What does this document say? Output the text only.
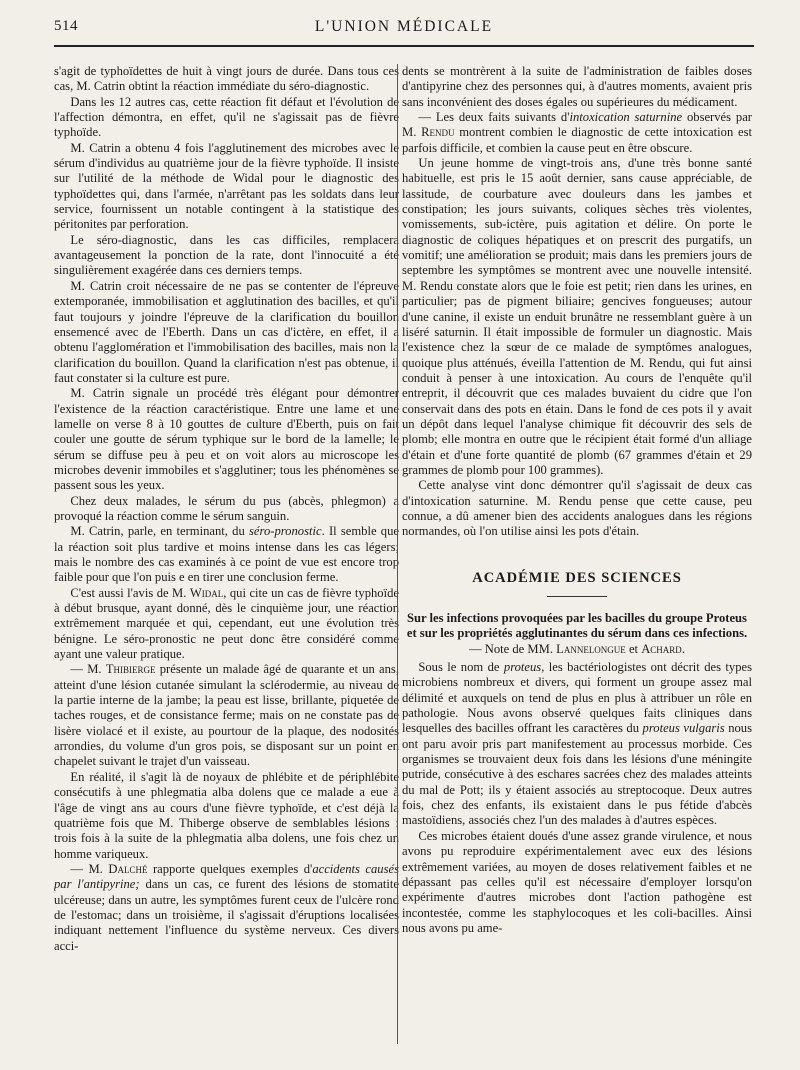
514	L'UNION MÉDICALE

s'agit de typhoïdettes de huit à vingt jours de durée. Dans tous ces cas, M. Catrin obtint la réaction immédiate du séro-diagnostic.

Dans les 12 autres cas, cette réaction fit défaut et l'évolution de l'affection démontra, en effet, qu'il ne s'agissait pas de fièvre typhoïde.

M. Catrin a obtenu 4 fois l'agglutinement des microbes avec le sérum d'individus au quatrième jour de la fièvre typhoïde. Il insiste sur l'utilité de la méthode de Widal pour le diagnostic des typhoïdettes qui, dans l'armée, n'arrêtant pas les soldats dans leur service, fournissent un notable contingent à la statistique des péritonites par perforation.

Le séro-diagnostic, dans les cas difficiles, remplacera avantageusement la ponction de la rate, dont l'innocuité a été singulièrement exagérée dans ces derniers temps.

M. Catrin croit nécessaire de ne pas se contenter de l'épreuve extemporanée, immobilisation et agglutination des bacilles, et qu'il faut toujours y joindre l'épreuve de la clarification du bouillon ensemencé avec de l'Eberth. Dans un cas d'ictère, en effet, il a obtenu l'agglomération et l'immobilisation des bacilles, mais non la clarification du bouillon. Quand la clarification n'est pas obtenue, il faut constater si la culture est pure.

M. Catrin signale un procédé très élégant pour démontrer l'existence de la réaction caractéristique. Entre une lame et une lamelle on verse 8 à 10 gouttes de culture d'Eberth, puis on fait couler une goutte de sérum typhique sur le bord de la lamelle; le sérum se diffuse peu à peu et on voit alors au microscope les microbes devenir immobiles et s'agglutiner; tous les phénomènes se passent sous les yeux.

Chez deux malades, le sérum du pus (abcès, phlegmon) a provoqué la réaction comme le sérum sanguin.

M. Catrin, parle, en terminant, du séro-pronostic. Il semble que la réaction soit plus tardive et moins intense dans les cas légers; mais le nombre des cas examinés à ce point de vue est encore trop faible pour que l'on puis e en tirer une conclusion ferme.

C'est aussi l'avis de M. Widal, qui cite un cas de fièvre typhoïde à début brusque, ayant donné, dès le cinquième jour, une réaction extrêmement marquée et qui, cependant, eut une évolution très bénigne. Le séro-pronostic ne peut donc être considéré comme ayant une valeur pratique.

— M. Thibierge présente un malade âgé de quarante et un ans, atteint d'une lésion cutanée simulant la sclérodermie, au niveau de la partie interne de la jambe; la peau est lisse, brillante, piquetée de taches rouges, et de consistance ferme; mais on ne constate pas de lisère violacé et il existe, au pourtour de la plaque, des nodosités arrondies, du volume d'un gros pois, se disposant sur un point en chapelet suivant le trajet d'un vaisseau.

En réalité, il s'agit là de noyaux de phlébite et de périphlébite consécutifs à une phlegmatia alba dolens que ce malade a eue à l'âge de vingt ans au cours d'une fièvre typhoïde, et c'est déjà la quatrième fois que M. Thiberge observe de semblables lésions : trois fois à la suite de la phlegmatia alba dolens, une fois chez un homme variqueux.

— M. Dalché rapporte quelques exemples d'accidents causés par l'antipyrine; dans un cas, ce furent des lésions de stomatite ulcéreuse; dans un autre, les symptômes furent ceux de l'ulcère rond de l'estomac; dans un troisième, il s'agissait d'éruptions localisées indiquant nettement l'influence du système nerveux. Ces divers acci-

dents se montrèrent à la suite de l'administration de faibles doses d'antipyrine chez des personnes qui, à d'autres moments, avaient pris sans inconvénient des doses égales ou supérieures du médicament.

— Les deux faits suivants d'intoxication saturnine observés par M. Rendu montrent combien le diagnostic de cette intoxication est parfois difficile, et combien la cause peut en être obscure.

Un jeune homme de vingt-trois ans, d'une très bonne santé habituelle, est pris le 15 août dernier, sans cause appréciable, de lassitude, de courbature avec douleurs dans les jambes et constipation; les jours suivants, coliques sèches très violentes, vomissements, sub-ictère, puis agitation et délire. On porte le diagnostic de coliques hépatiques et on prescrit des purgatifs, un vomitif; une amélioration se produit; mais dans les premiers jours de septembre les symptômes se montrent avec une nouvelle intensité. M. Rendu constate alors que le foie est petit; rien dans les urines, en particulier; pas de pigment biliaire; gencives fongueuses; autour d'une canine, il existe un enduit brunâtre ne ressemblant guère à un liséré saturnin. Il était impossible de formuler un diagnostic. Mais l'existence chez la sœur de ce malade de symptômes analogues, quoique plus atténués, éveilla l'attention de M. Rendu, qui fut ainsi conduit à penser à une intoxication. Au cours de l'enquête qu'il entreprit, il découvrit que ces malades buvaient du cidre que l'on conservait dans des pots en étain. Dans le fond de ces pots il y avait un dépôt dans lequel l'analyse chimique fit découvrir des sels de plomb; elle montra en outre que le récipient était formé d'un alliage d'étain et d'une forte quantité de plomb (67 grammes d'étain et 29 grammes de plomb pour 100 grammes).

Cette analyse vint donc démontrer qu'il s'agissait de deux cas d'intoxication saturnine. M. Rendu pense que cette cause, peu connue, a dû amener bien des accidents analogues dans les régions normandes, où l'on utilise ainsi les pots d'étain.

ACADÉMIE DES SCIENCES

Sur les infections provoquées par les bacilles du groupe Proteus et sur les propriétés agglutinantes du sérum dans ces infections. — Note de MM. Lannelongue et Achard.

Sous le nom de proteus, les bactériologistes ont décrit des types microbiens nombreux et divers, qui forment un groupe assez mal délimité et auxquels on tend de plus en plus à attribuer un rôle en pathologie. Nous avons observé quelques faits cliniques dans lesquelles des bacilles offrant les caractères du proteus vulgaris nous ont paru avoir pris part manifestement au processus morbide. Ces organismes se trouvaient deux fois dans les lésions d'une méningite putride, consécutive à des eschares sacrées chez des malades atteints du mal de Pott; ils y étaient associés au streptocoque. Deux autres fois, chez des enfants, ils existaient dans le pus fétide d'abcès mastoïdiens, associés chez l'un des malades à d'autres espèces.

Ces microbes étaient doués d'une assez grande virulence, et nous avons pu reproduire expérimentalement avec eux des lésions extrêmement variées, au moyen de doses relativement faibles et ne dépassant pas celles qu'il est nécessaire d'employer lorsqu'on expérimente d'autres microbes dont l'action pathogène est incontestée, comme les staphylocoques et les coli-bacilles. Ainsi nous avons pu ame-
